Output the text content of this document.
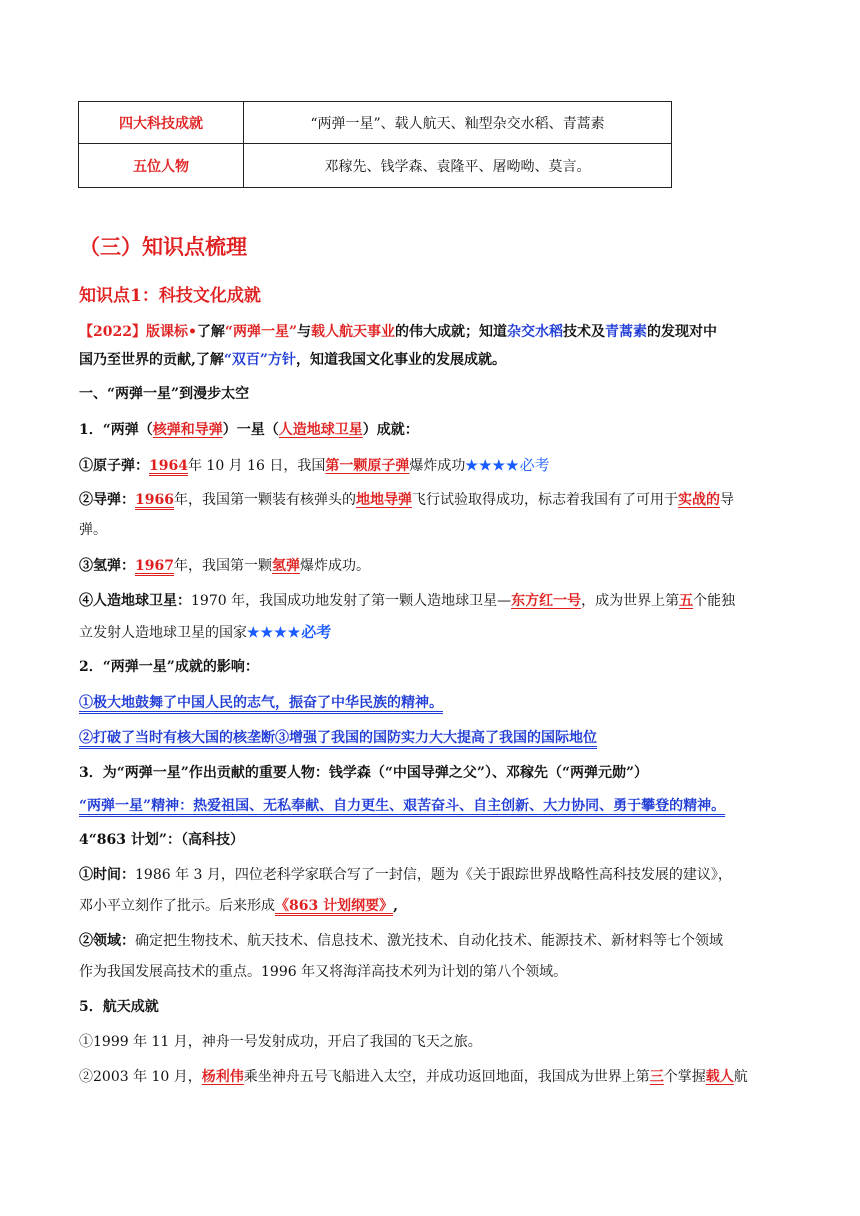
四大科技成就	“两弹一星”、载人航天、籼型杂交水稻、青蒿素
五位人物	邓稼先、钱学森、袁隆平、屠呦呦、莫言。
（三）知识点梳理
知识点1：科技文化成就
【2022】版课标•了解“两弹一星”与载人航天事业的伟大成就；知道杂交水稻技术及青蒿素的发现对中
国乃至世界的贡献,了解“双百”方针，知道我国文化事业的发展成就。
一、“两弹一星”到漫步太空
1．“两弹（核弹和导弹）一星（人造地球卫星）成就：
①原子弹：1964年 10 月 16 日，我国第一颗原子弹爆炸成功★★★★必考
②导弹：1966年，我国第一颗装有核弹头的地地导弹飞行试验取得成功，标志着我国有了可用于实战的导
弹。
③氢弹：1967年，我国第一颗氢弹爆炸成功。
④人造地球卫星：1970 年，我国成功地发射了第一颗人造地球卫星—东方红一号，成为世界上第五个能独
立发射人造地球卫星的国家★★★★必考
2．“两弹一星”成就的影响：
①极大地鼓舞了中国人民的志气，振奋了中华民族的精神。
②打破了当时有核大国的核垄断③增强了我国的国防实力大大提高了我国的国际地位
3．为“两弹一星”作出贡献的重要人物：钱学森（“中国导弹之父”）、邓稼先（“两弹元勋”）
“两弹一星”精神：热爱祖国、无私奉献、自力更生、艰苦奋斗、自主创新、大力协同、勇于攀登的精神。
4“863 计划”：（高科技）
①时间：1986 年 3 月，四位老科学家联合写了一封信，题为《关于跟踪世界战略性高科技发展的建议》，
邓小平立刻作了批示。后来形成《863 计划纲要》,
②领域：确定把生物技术、航天技术、信息技术、激光技术、自动化技术、能源技术、新材料等七个领域
作为我国发展高技术的重点。1996 年又将海洋高技术列为计划的第八个领域。
5．航天成就
①1999 年 11 月，神舟一号发射成功，开启了我国的飞天之旅。
②2003 年 10 月，杨利伟乘坐神舟五号飞船进入太空，并成功返回地面，我国成为世界上第三个掌握载人航
